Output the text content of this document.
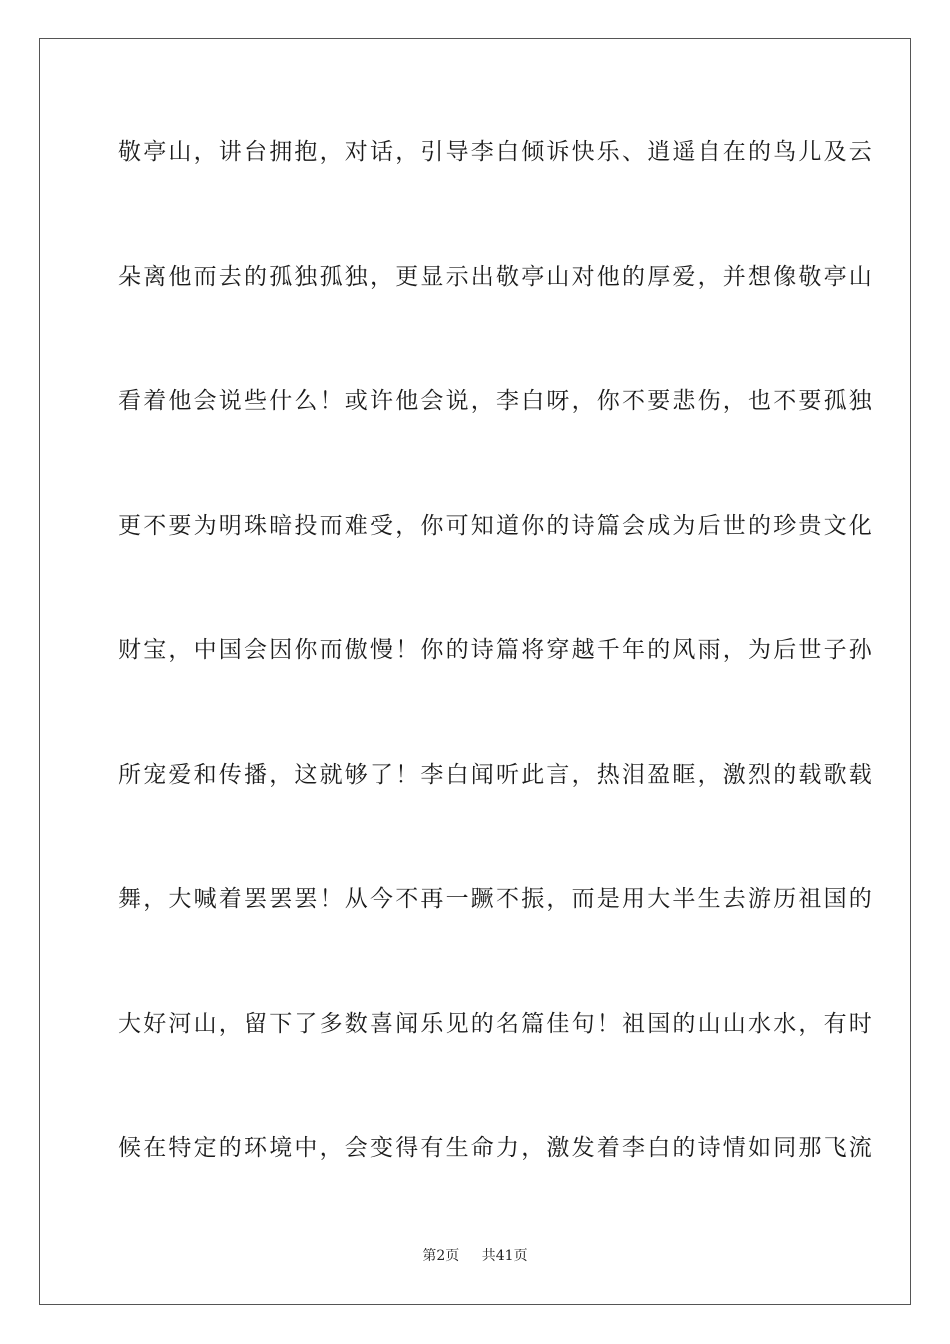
敬亭山，讲台拥抱，对话，引导李白倾诉快乐、逍遥自在的鸟儿及云
朵离他而去的孤独孤独，更显示出敬亭山对他的厚爱，并想像敬亭山
看着他会说些什么！或许他会说，李白呀，你不要悲伤，也不要孤独
更不要为明珠暗投而难受，你可知道你的诗篇会成为后世的珍贵文化
财宝，中国会因你而傲慢！你的诗篇将穿越千年的风雨，为后世子孙
所宠爱和传播，这就够了！李白闻听此言，热泪盈眶，激烈的载歌载
舞，大喊着罢罢罢！从今不再一蹶不振，而是用大半生去游历祖国的
大好河山，留下了多数喜闻乐见的名篇佳句！祖国的山山水水，有时
候在特定的环境中，会变得有生命力，激发着李白的诗情如同那飞流
第2页 共41页
